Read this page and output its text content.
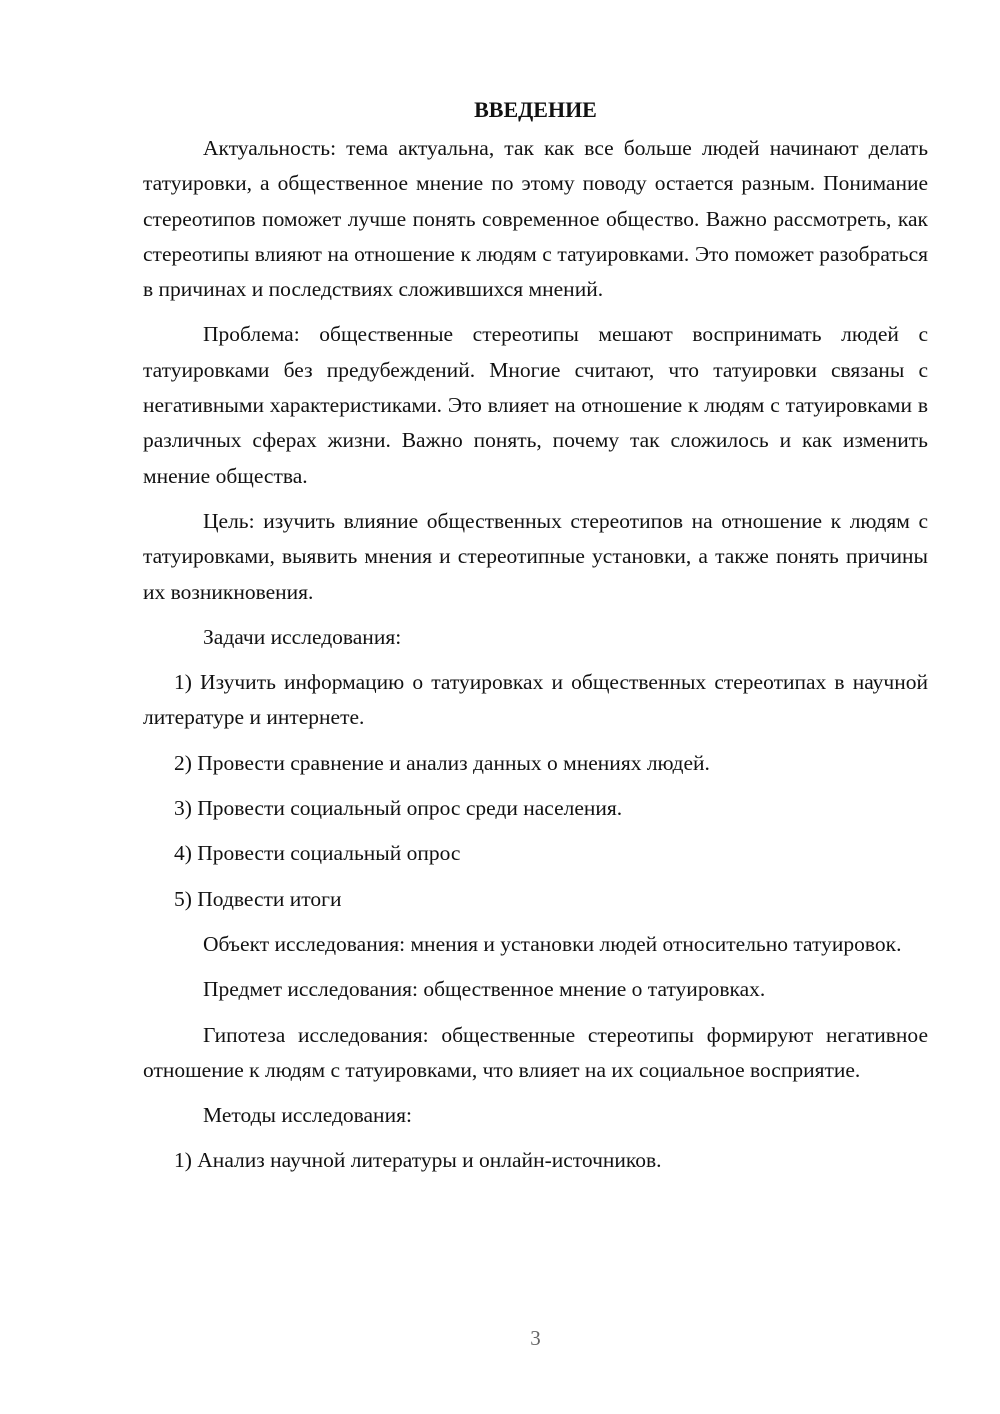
ВВЕДЕНИЕ

Актуальность: тема актуальна, так как все больше людей начинают делать татуировки, а общественное мнение по этому поводу остается разным. Понимание стереотипов поможет лучше понять современное общество. Важно рассмотреть, как стереотипы влияют на отношение к людям с татуировками. Это поможет разобраться в причинах и последствиях сложившихся мнений.

Проблема: общественные стереотипы мешают воспринимать людей с татуировками без предубеждений. Многие считают, что татуировки связаны с негативными характеристиками. Это влияет на отношение к людям с татуировками в различных сферах жизни. Важно понять, почему так сложилось и как изменить мнение общества.

Цель: изучить влияние общественных стереотипов на отношение к людям с татуировками, выявить мнения и стереотипные установки, а также понять причины их возникновения.

Задачи исследования:

1) Изучить информацию о татуировках и общественных стереотипах в научной литературе и интернете.

2) Провести сравнение и анализ данных о мнениях людей.

3) Провести социальный опрос среди населения.

4) Провести социальный опрос

5) Подвести итоги

Объект исследования: мнения и установки людей относительно татуировок.

Предмет исследования: общественное мнение о татуировках.

Гипотеза исследования: общественные стереотипы формируют негативное отношение к людям с татуировками, что влияет на их социальное восприятие.

Методы исследования:

1) Анализ научной литературы и онлайн-источников.

3
